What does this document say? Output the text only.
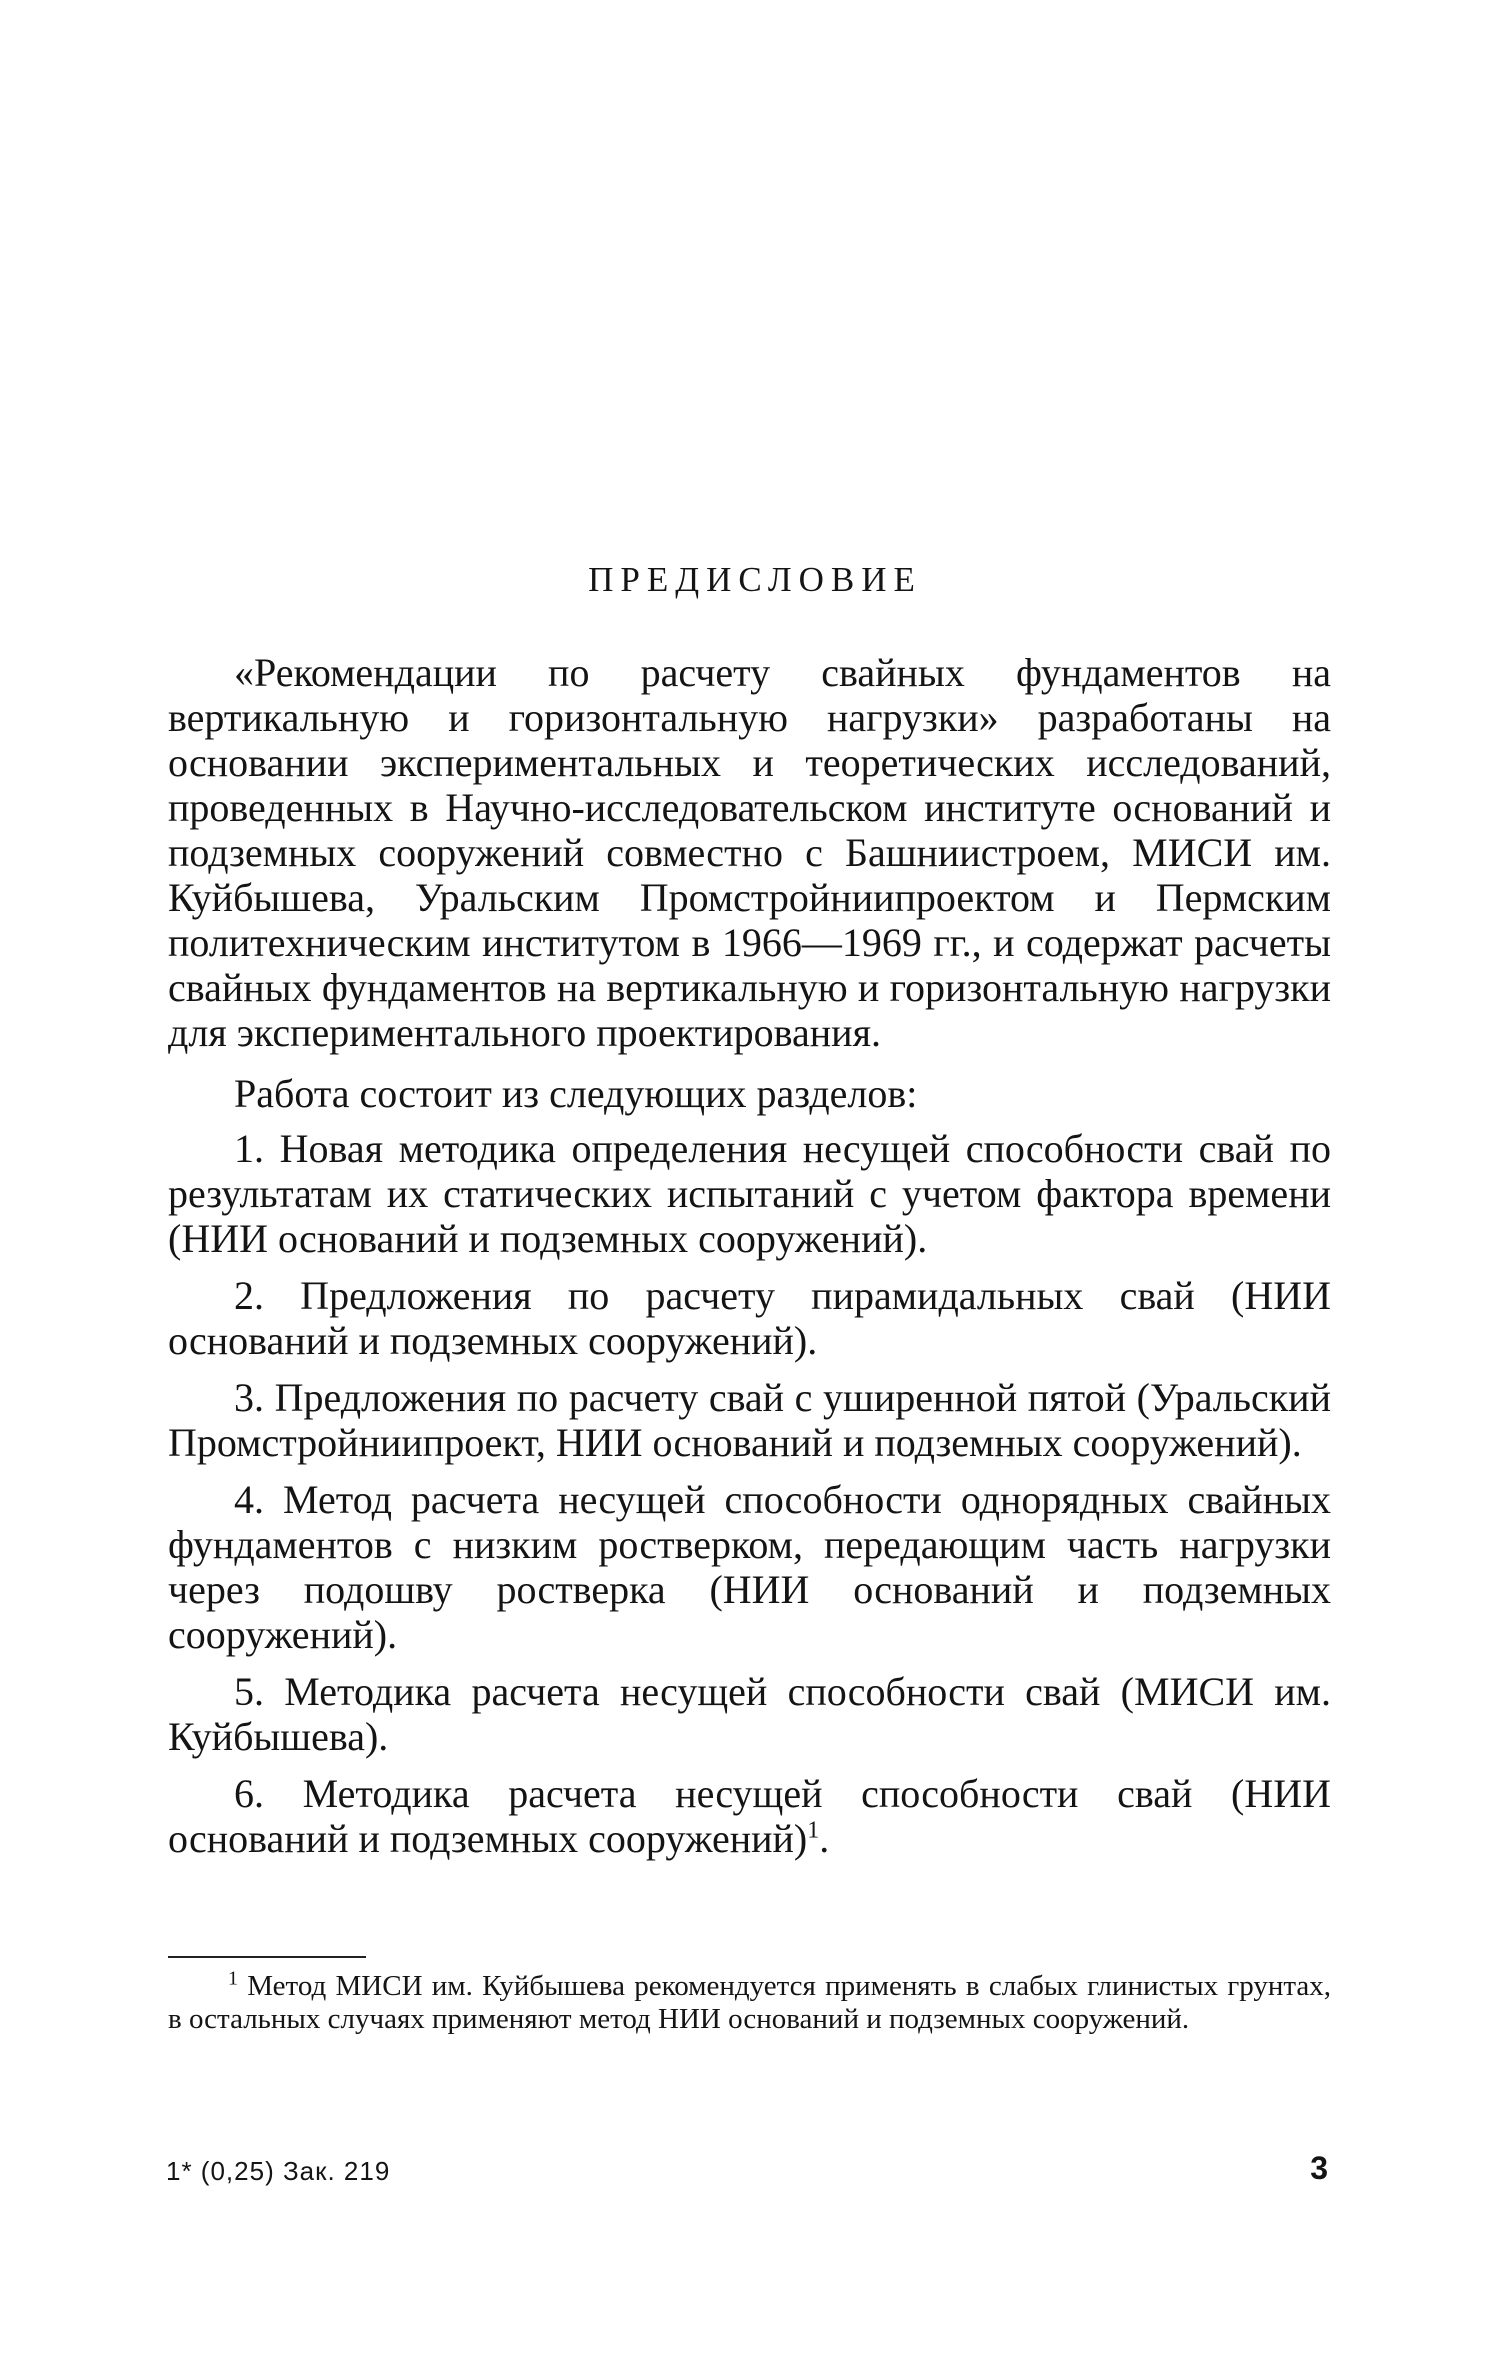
ПРЕДИСЛОВИЕ

«Рекомендации по расчету свайных фундаментов на вертикальную и горизонтальную нагрузки» разработаны на основании экспериментальных и теоретических исследований, проведенных в Научно-исследовательском институте оснований и подземных сооружений совместно с Башниистроем, МИСИ им. Куйбышева, Уральским Промстройниипроектом и Пермским политехническим институтом в 1966—1969 гг., и содержат расчеты свайных фундаментов на вертикальную и горизонтальную нагрузки для экспериментального проектирования.

Работа состоит из следующих разделов:

1. Новая методика определения несущей способности свай по результатам их статических испытаний с учетом фактора времени (НИИ оснований и подземных сооружений).

2. Предложения по расчету пирамидальных свай (НИИ оснований и подземных сооружений).

3. Предложения по расчету свай с уширенной пятой (Уральский Промстройниипроект, НИИ оснований и подземных сооружений).

4. Метод расчета несущей способности однорядных свайных фундаментов с низким ростверком, передающим часть нагрузки через подошву ростверка (НИИ оснований и подземных сооружений).

5. Методика расчета несущей способности свай (МИСИ им. Куйбышева).

6. Методика расчета несущей способности свай (НИИ оснований и подземных сооружений)$^1$.

$^1$ Метод МИСИ им. Куйбышева рекомендуется применять в слабых глинистых грунтах, в остальных случаях применяют метод НИИ оснований и подземных сооружений.
1* (0,25) Зак. 219	3
